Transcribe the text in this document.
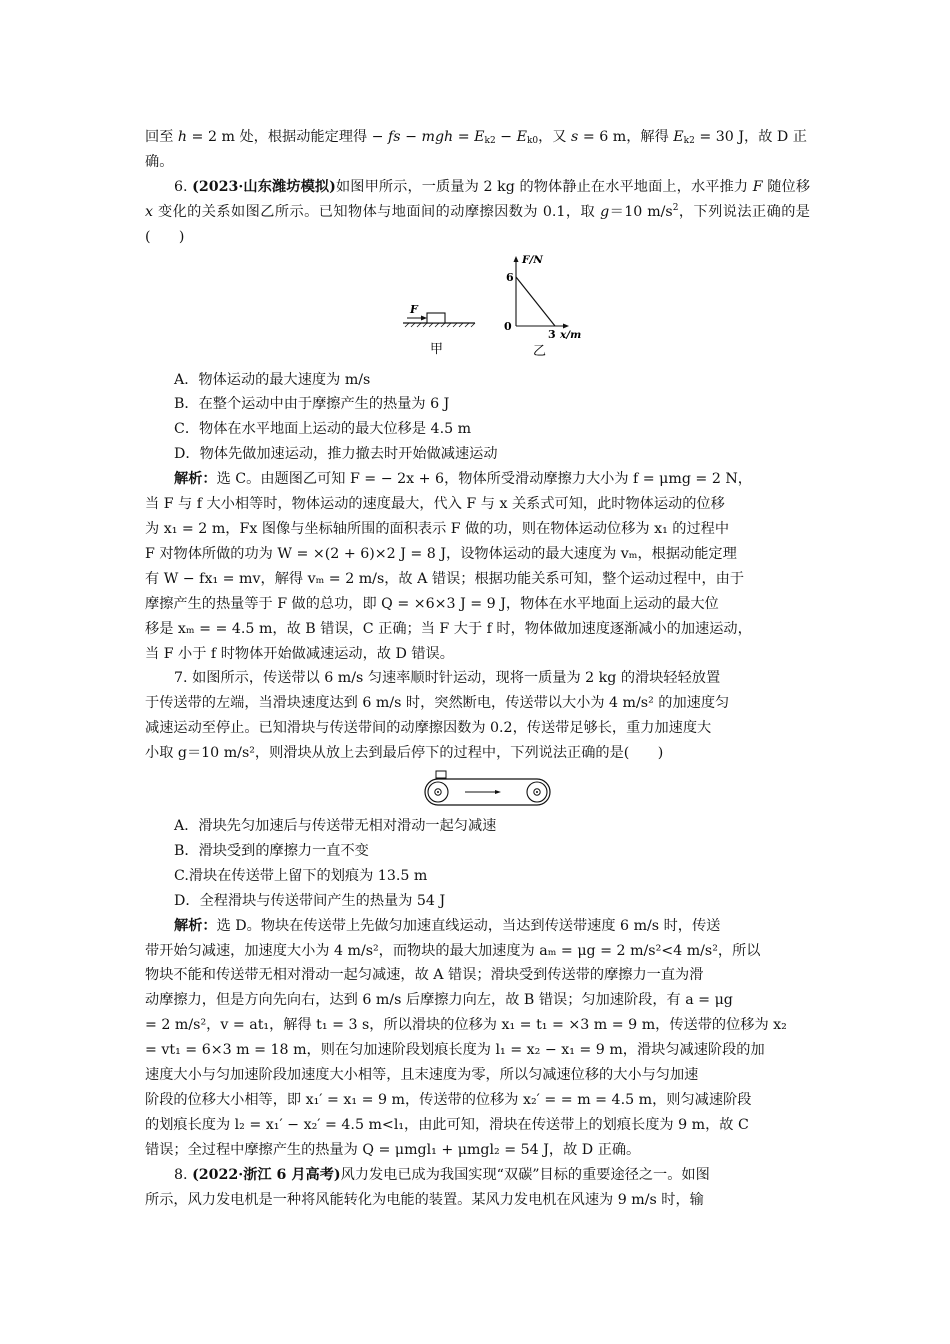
回至 h = 2 m 处，根据动能定理得 − fs − mgh = $E_{k2} - E_{k0}$，又 s = 6 m，解得 $E_{k2} = 30$ J，故 D 正

确。

6. (2023·山东潍坊模拟)如图甲所示，一质量为 2 kg 的物体静止在水平地面上，水平推力 F 随位移 x 变化的关系如图乙所示。已知物体与地面间的动摩擦因数为 0.1，取 g＝10 $m/s^2$，下列说法正确的是(　　)

F
甲
F/N
6
0
3 x/m
乙

A．物体运动的最大速度为 m/s

B．在整个运动中由于摩擦产生的热量为 6 J

C．物体在水平地面上运动的最大位移是 4.5 m

D．物体先做加速运动，推力撤去时开始做减速运动

解析：选 C。由题图乙可知 F = − 2x + 6，物体所受滑动摩擦力大小为 f = μmg = 2 N，

当 F 与 f 大小相等时，物体运动的速度最大，代入 F 与 x 关系式可知，此时物体运动的位移

为 x₁ = 2 m，Fx 图像与坐标轴所围的面积表示 F 做的功，则在物体运动位移为 x₁ 的过程中

F 对物体所做的功为 W = ×(2 + 6)×2 J = 8 J，设物体运动的最大速度为 vₘ，根据动能定理

有 W − fx₁ = mv，解得 vₘ = 2 m/s，故 A 错误；根据功能关系可知，整个运动过程中，由于

摩擦产生的热量等于 F 做的总功，即 Q = ×6×3 J = 9 J，物体在水平地面上运动的最大位

移是 xₘ = = 4.5 m，故 B 错误，C 正确；当 F 大于 f 时，物体做加速度逐渐减小的加速运动，

当 F 小于 f 时物体开始做减速运动，故 D 错误。

7. 如图所示，传送带以 6 m/s 匀速率顺时针运动，现将一质量为 2 kg 的滑块轻轻放置

于传送带的左端，当滑块速度达到 6 m/s 时，突然断电，传送带以大小为 4 m/s² 的加速度匀

减速运动至停止。已知滑块与传送带间的动摩擦因数为 0.2，传送带足够长，重力加速度大

小取 g＝10 m/s²，则滑块从放上去到最后停下的过程中，下列说法正确的是(　　)

A．滑块先匀加速后与传送带无相对滑动一起匀减速

B．滑块受到的摩擦力一直不变

C.滑块在传送带上留下的划痕为 13.5 m

D．全程滑块与传送带间产生的热量为 54 J

解析：选 D。物块在传送带上先做匀加速直线运动，当达到传送带速度 6 m/s 时，传送

带开始匀减速，加速度大小为 4 m/s²，而物块的最大加速度为 aₘ = μg = 2 m/s²<4 m/s²，所以

物块不能和传送带无相对滑动一起匀减速，故 A 错误；滑块受到传送带的摩擦力一直为滑

动摩擦力，但是方向先向右，达到 6 m/s 后摩擦力向左，故 B 错误；匀加速阶段，有 a = μg

= 2 m/s²，v = at₁，解得 t₁ = 3 s，所以滑块的位移为 x₁ = t₁ = ×3 m = 9 m，传送带的位移为 x₂

= vt₁ = 6×3 m = 18 m，则在匀加速阶段划痕长度为 l₁ = x₂ − x₁ = 9 m，滑块匀减速阶段的加

速度大小与匀加速阶段加速度大小相等，且末速度为零，所以匀减速位移的大小与匀加速

阶段的位移大小相等，即 x₁′ = x₁ = 9 m，传送带的位移为 x₂′ = = m = 4.5 m，则匀减速阶段

的划痕长度为 l₂ = x₁′ − x₂′ = 4.5 m<l₁，由此可知，滑块在传送带上的划痕长度为 9 m，故 C

错误；全过程中摩擦产生的热量为 Q = μmgl₁ + μmgl₂ = 54 J，故 D 正确。

8. (2022·浙江 6 月高考)风力发电已成为我国实现“双碳”目标的重要途径之一。如图

所示，风力发电机是一种将风能转化为电能的装置。某风力发电机在风速为 9 m/s 时，输
